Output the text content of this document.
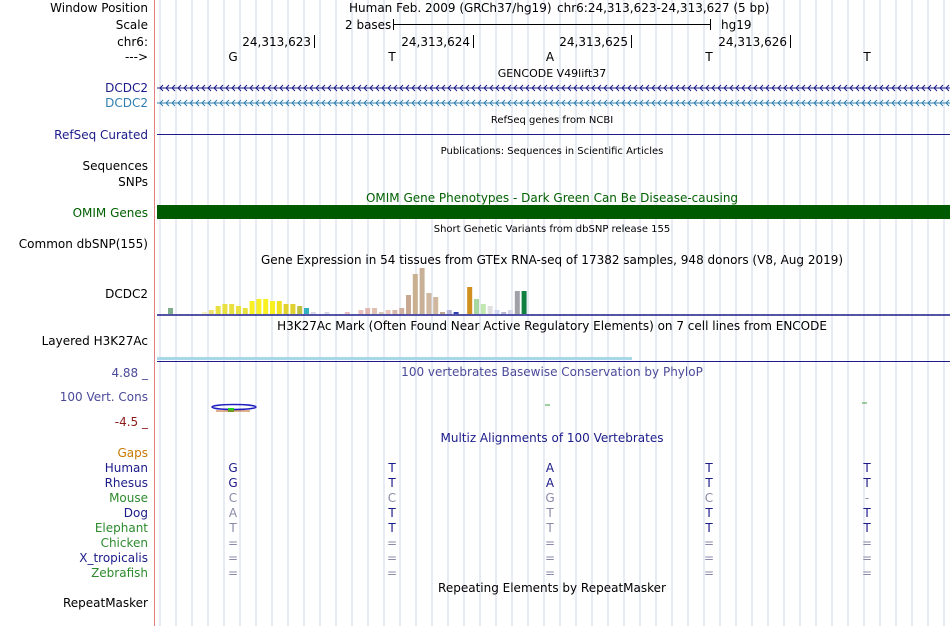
Window Position
Scale
chr6:
--->
Human Feb. 2009 (GRCh37/hg19) chr6:24,313,623-24,313,627 (5 bp)
2 bases	hg19
24,313,623	24,313,624	24,313,625	24,313,626
G	T	A	T	T
GENCODE V49lift37
DCDC2
DCDC2
RefSeq genes from NCBI
RefSeq Curated
Publications: Sequences in Scientific Articles
Sequences
SNPs
OMIM Gene Phenotypes - Dark Green Can Be Disease-causing
OMIM Genes
Short Genetic Variants from dbSNP release 155
Common dbSNP(155)
Gene Expression in 54 tissues from GTEx RNA-seq of 17382 samples, 948 donors (V8, Aug 2019)
DCDC2
H3K27Ac Mark (Often Found Near Active Regulatory Elements) on 7 cell lines from ENCODE
Layered H3K27Ac
4.88 _	100 vertebrates Basewise Conservation by PhyloP
100 Vert. Cons
-4.5 _
Multiz Alignments of 100 Vertebrates
Gaps
Human	G	T	A	T	T
Rhesus	G	T	A	T	T
Mouse	C	C	G	C	-
Dog	A	T	T	T	T
Elephant	T	T	T	T	T
Chicken	=	=	=	=	=
X_tropicalis	=	=	=	=	=
Zebrafish	=	=	=	=	=
Repeating Elements by RepeatMasker
RepeatMasker
